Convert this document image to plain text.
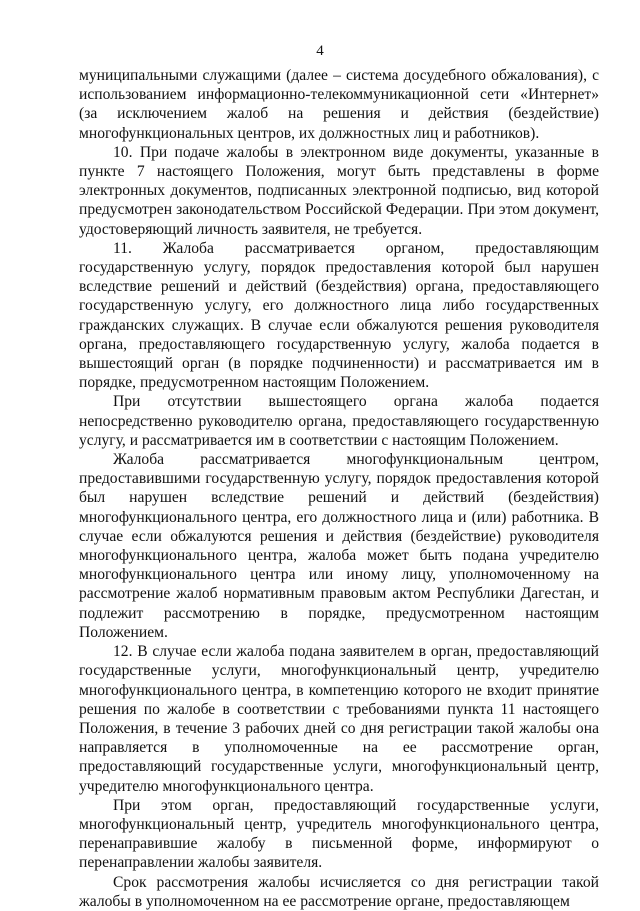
4

муниципальными служащими (далее – система досудебного обжалования), с использованием информационно-телекоммуникационной сети «Интернет» (за исключением жалоб на решения и действия (бездействие) многофункциональных центров, их должностных лиц и работников).

10. При подаче жалобы в электронном виде документы, указанные в пункте 7 настоящего Положения, могут быть представлены в форме электронных документов, подписанных электронной подписью, вид которой предусмотрен законодательством Российской Федерации. При этом документ, удостоверяющий личность заявителя, не требуется.

11. Жалоба рассматривается органом, предоставляющим государственную услугу, порядок предоставления которой был нарушен вследствие решений и действий (бездействия) органа, предоставляющего государственную услугу, его должностного лица либо государственных гражданских служащих. В случае если обжалуются решения руководителя органа, предоставляющего государственную услугу, жалоба подается в вышестоящий орган (в порядке подчиненности) и рассматривается им в порядке, предусмотренном настоящим Положением.

При отсутствии вышестоящего органа жалоба подается непосредственно руководителю органа, предоставляющего государственную услугу, и рассматривается им в соответствии с настоящим Положением.

Жалоба рассматривается многофункциональным центром, предоставившими государственную услугу, порядок предоставления которой был нарушен вследствие решений и действий (бездействия) многофункционального центра, его должностного лица и (или) работника. В случае если обжалуются решения и действия (бездействие) руководителя многофункционального центра, жалоба может быть подана учредителю многофункционального центра или иному лицу, уполномоченному на рассмотрение жалоб нормативным правовым актом Республики Дагестан, и подлежит рассмотрению в порядке, предусмотренном настоящим Положением.

12. В случае если жалоба подана заявителем в орган, предоставляющий государственные услуги, многофункциональный центр, учредителю многофункционального центра, в компетенцию которого не входит принятие решения по жалобе в соответствии с требованиями пункта 11 настоящего Положения, в течение 3 рабочих дней со дня регистрации такой жалобы она направляется в уполномоченные на ее рассмотрение орган, предоставляющий государственные услуги, многофункциональный центр, учредителю многофункционального центра.

При этом орган, предоставляющий государственные услуги, многофункциональный центр, учредитель многофункционального центра, перенаправившие жалобу в письменной форме, информируют о перенаправлении жалобы заявителя.

Срок рассмотрения жалобы исчисляется со дня регистрации такой жалобы в уполномоченном на ее рассмотрение органе, предоставляющем
